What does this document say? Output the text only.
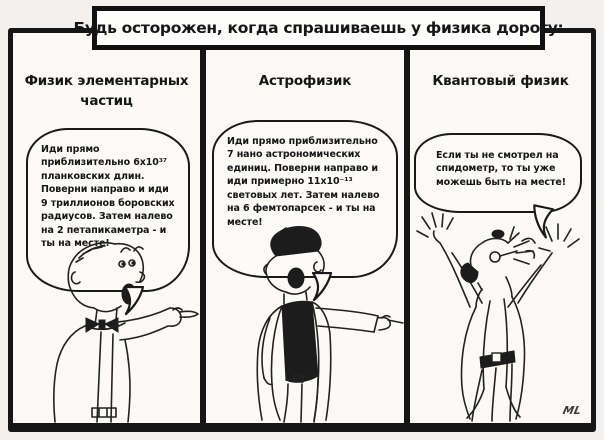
Физик элементарных частиц
Иди прямо приблизительно 6x10³⁷ планковских длин. Поверни направо и иди 9 триллионов боровских радиусов. Затем налево на 2 петапикаметра - и ты на месте!
Астрофизик
Иди прямо приблизительно 7 нано астрономических единиц. Поверни направо и иди примерно 11x10⁻¹³ световых лет. Затем налево на 6 фемтопарсек - и ты на месте!
Квантовый физик
Если ты не смотрел на спидометр, то ты уже можешь быть на месте!
ML
Будь осторожен, когда спрашиваешь у физика дорогу:
